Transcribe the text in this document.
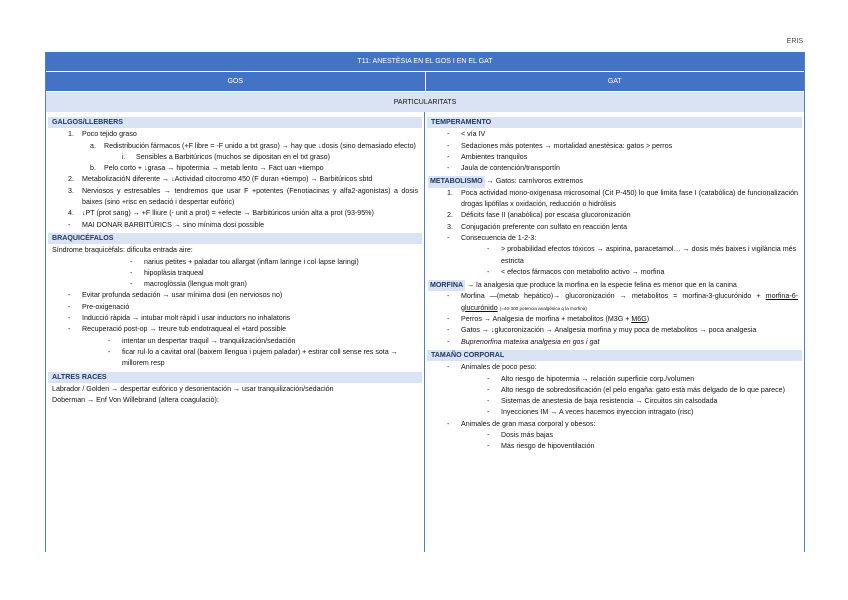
ERIS
T11: ANESTÈSIA EN EL GOS I EN EL GAT
GOS	GAT
PARTICULARITATS
GALGOS/LLEBRERS
1.	Poco tejido graso
a.	Redistribución fármacos (+F libre = -F unido a txt graso) → hay que ↓dosis (sino demasiado efecto)
i.	Sensibles a Barbitúricos (muchos se dipositan en el txt graso)
b.	Pelo corto + ↓grasa → hipotermia → metab lento → Fact uan +tiempo
2.	MetabolizacióN diferente → ↓Actividad citocromo 450 (F duran +tiempo) → Barbitúricos sbtd
3.	Nerviosos y estresables → tendremos que usar F +potentes (Fenotiacinas y alfa2-agonistas) a dosis baixes (sino +risc en sedació i despertar eufòric)
4.	↓PT (prot sang) → +F lliure (- unit a prot) = +efecte → Barbitúricos unión alta a prot (93-95%)
-	MAI DONAR BARBITÚRICS → sino mínima dosi possible
BRAQUICÉFALOS
Síndrome braquicèfals: dificulta entrada aire:
-	narius petites + paladar tou allargat (inflam laringe i col·lapse laringi)
-	hipoplàsia traqueal
-	macroglòssia (llengua molt gran)
-	Evitar profunda sedación → usar mínima dosi (en nerviosos no)
-	Pre-oxigenació
-	Inducció ràpida → intubar molt ràpid i usar inductors no inhalatoris
-	Recuperació post-op → treure tub endotraqueal el +tard possible
-	intentar un despertar traquil → tranquilización/sedación
-	ficar rul·lo a cavitat oral (baixem llengua i pujem paladar) + estirar coll sense res sota → millorem resp
ALTRES RACES
Labrador / Golden → despertar eufórico y desorientación → usar tranquilización/sedación
Doberman → Enf Von Willebrand (altera coagulació):
TEMPERAMENTO
-	< vía IV
-	Sedaciones más potentes → mortalidad anestèsica: gatos > perros
-	Ambientes tranquilos
-	Jaula de contención/transportín
METABOLISMO → Gatos: carnívoros extremos
1.	Poca actividad mono-oxigenasa microsomal (Cit P-450) lo que limita fase I (catabòlica) de funcionalización drogas lipófilas x oxidación, reducción o hidrólisis
2.	Déficits fase II (anabòlica) por escasa glucoronización
3.	Conjugación preferente con sulfato en reacción lenta
-	Consecuencia de 1-2-3:
-	> probabilidad efectos tóxicos → aspirina, paracetamol… → dosis més baixes i vigilància més estricta
-	< efectos fármacos con metabolito activo → morfina
MORFINA → la analgesia que produce la morfina en la especie felina es menor que en la canina
-	Morfina —(metab hepático)→ glucoronización → metabolitos = morfina-3-glucurónido + morfina-6-glucurónido (=40-300 potencia analgésica q la morfina)
-	Perros → Analgesia de morfina + metabolitos (M3G + M6G)
-	Gatos → ↓glucoronización → Analgesia morfina y muy poca de metabolitos → poca analgesia
-	Buprenorfina mateixa analgesia en gos i gat
TAMAÑO CORPORAL
-	Animales de poco peso:
-	Alto riesgo de hipotermia → relación superficie corp./volumen
-	Alto riesgo de sobredosificación (el pelo engaña: gato està más delgado de lo que parece)
-	Sistemas de anestesia de baja resistencia → Circuitos sin calsodada
-	Inyecciones IM → A veces hacemos inyeccion intragato (risc)
-	Animales de gran masa corporal y obesos:
-	Dosis más bajas
-	Más riesgo de hipoventilación
